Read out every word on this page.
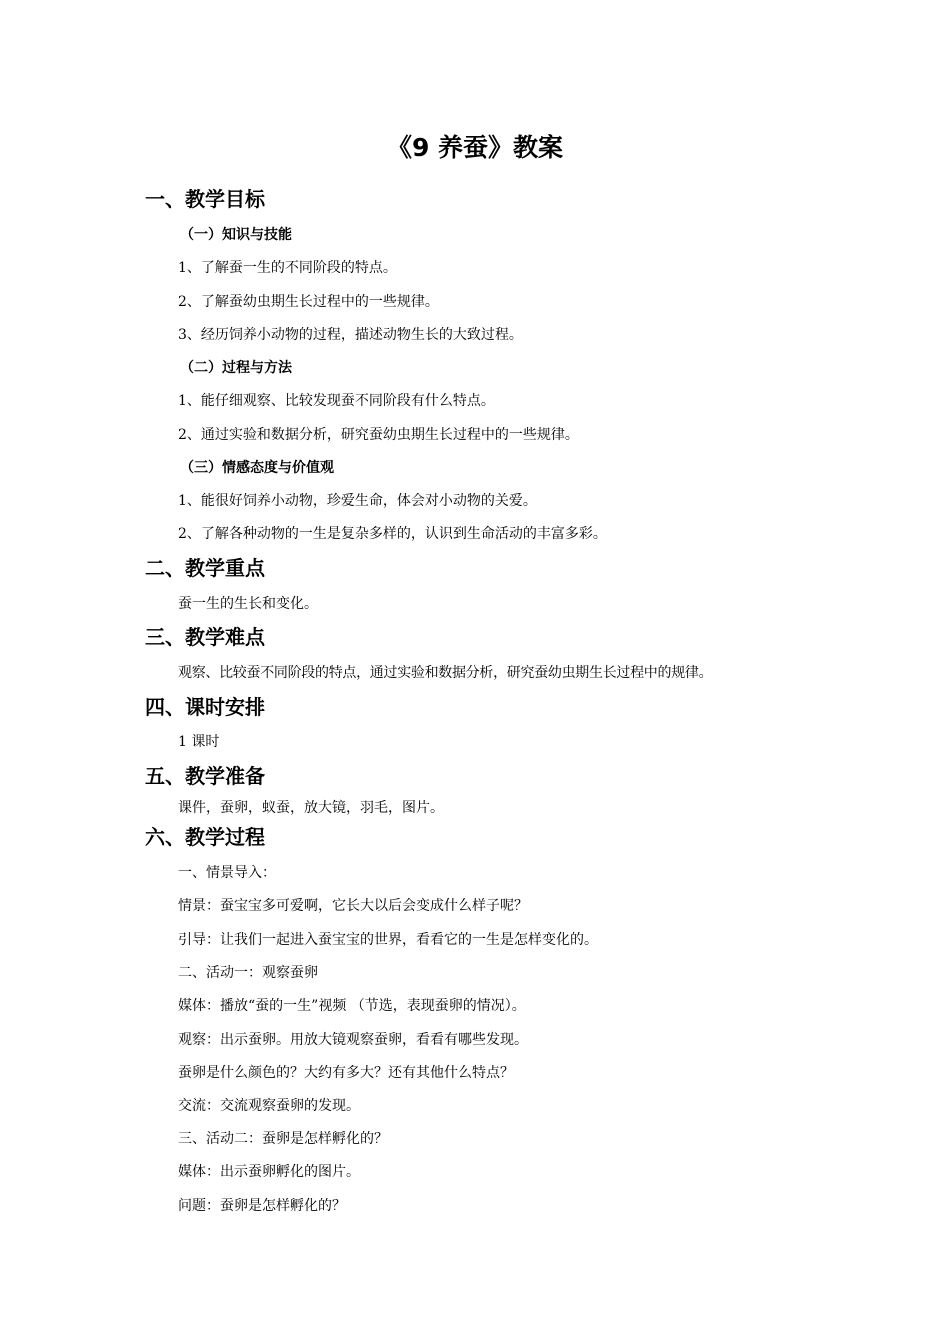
《9 养蚕》教案
一、教学目标
（一）知识与技能
1、了解蚕一生的不同阶段的特点。
2、了解蚕幼虫期生长过程中的一些规律。
3、经历饲养小动物的过程，描述动物生长的大致过程。
（二）过程与方法
1、能仔细观察、比较发现蚕不同阶段有什么特点。
2、通过实验和数据分析，研究蚕幼虫期生长过程中的一些规律。
（三）情感态度与价值观
1、能很好饲养小动物，珍爱生命，体会对小动物的关爱。
2、了解各种动物的一生是复杂多样的，认识到生命活动的丰富多彩。
二、教学重点
蚕一生的生长和变化。
三、教学难点
观察、比较蚕不同阶段的特点，通过实验和数据分析，研究蚕幼虫期生长过程中的规律。
四、课时安排
1 课时
五、教学准备
课件，蚕卵，蚁蚕，放大镜，羽毛，图片。
六、教学过程
一、情景导入：
情景：蚕宝宝多可爱啊，它长大以后会变成什么样子呢？
引导：让我们一起进入蚕宝宝的世界，看看它的一生是怎样变化的。
二、活动一：观察蚕卵
媒体：播放“蚕的一生”视频 （节选，表现蚕卵的情况）。
观察：出示蚕卵。用放大镜观察蚕卵，看看有哪些发现。
蚕卵是什么颜色的？大约有多大？还有其他什么特点？
交流：交流观察蚕卵的发现。
三、活动二：蚕卵是怎样孵化的？
媒体：出示蚕卵孵化的图片。
问题：蚕卵是怎样孵化的？
